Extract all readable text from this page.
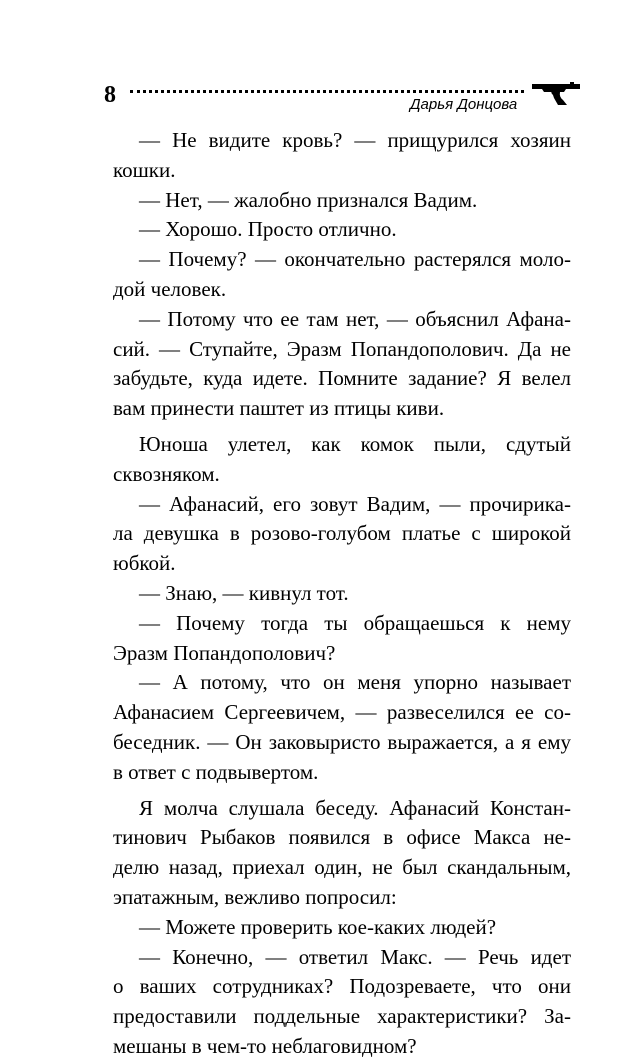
8	Дарья Донцова
— Не видите кровь? — прищурился хозяин
кошки.
— Нет, — жалобно признался Вадим.
— Хорошо. Просто отлично.
— Почему? — окончательно растерялся моло-
дой человек.
— Потому что ее там нет, — объяснил Афана-
сий. — Ступайте, Эразм Попандополович. Да не
забудьте, куда идете. Помните задание? Я велел
вам принести паштет из птицы киви.
Юноша улетел, как комок пыли, сдутый
сквозняком.
— Афанасий, его зовут Вадим, — прочирика-
ла девушка в розово-голубом платье с широкой
юбкой.
— Знаю, — кивнул тот.
— Почему тогда ты обращаешься к нему
Эразм Попандополович?
— А потому, что он меня упорно называет
Афанасием Сергеевичем, — развеселился ее со-
беседник. — Он заковыристо выражается, а я ему
в ответ с подвывертом.
Я молча слушала беседу. Афанасий Констан-
тинович Рыбаков появился в офисе Макса не-
делю назад, приехал один, не был скандальным,
эпатажным, вежливо попросил:
— Можете проверить кое-каких людей?
— Конечно, — ответил Макс. — Речь идет
о ваших сотрудниках? Подозреваете, что они
предоставили поддельные характеристики? За-
мешаны в чем-то неблаговидном?
